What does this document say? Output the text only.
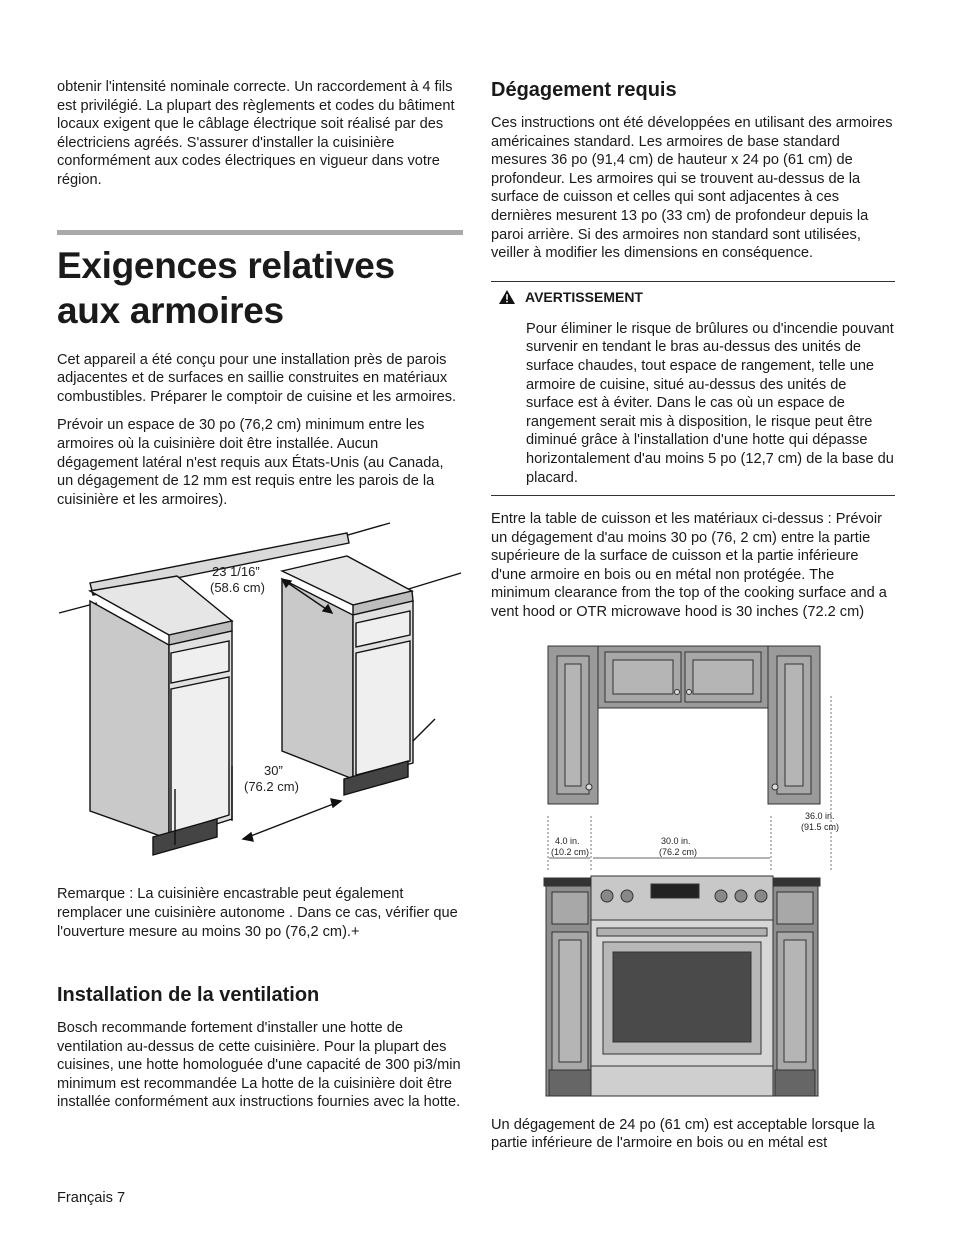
obtenir l'intensité nominale correcte. Un raccordement à 4 fils est privilégié. La plupart des règlements et codes du bâtiment locaux exigent que le câblage électrique soit réalisé par des électriciens agréés. S'assurer d'installer la cuisinière conformément aux codes électriques en vigueur dans votre région.

Exigences relatives
aux armoires

Cet appareil a été conçu pour une installation près de parois adjacentes et de surfaces en saillie construites en matériaux combustibles. Préparer le comptoir de cuisine et les armoires.

Prévoir un espace de 30 po (76,2 cm) minimum entre les armoires où la cuisinière doit être installée. Aucun dégagement latéral n'est requis aux États-Unis (au Canada, un dégagement de 12 mm est requis entre les parois de la cuisinière et les armoires).

23 1/16”
(58.6 cm)
30”
(76.2 cm)

Remarque : La cuisinière encastrable peut également remplacer une cuisinière autonome . Dans ce cas, vérifier que l'ouverture mesure au moins 30 po (76,2 cm).+

Installation de la ventilation

Bosch recommande fortement d'installer une hotte de ventilation au-dessus de cette cuisinière. Pour la plupart des cuisines, une hotte homologuée d'une capacité de 300 pi3/min minimum est recommandée La hotte de la cuisinière doit être installée conformément aux instructions fournies avec la hotte.

Dégagement requis

Ces instructions ont été développées en utilisant des armoires américaines standard. Les armoires de base standard mesures 36 po (91,4 cm) de hauteur x 24 po (61 cm) de profondeur. Les armoires qui se trouvent au-dessus de la surface de cuisson et celles qui sont adjacentes à ces dernières mesurent 13 po (33 cm) de profondeur depuis la paroi arrière. Si des armoires non standard sont utilisées, veiller à modifier les dimensions en conséquence.

AVERTISSEMENT

Pour éliminer le risque de brûlures ou d'incendie pouvant survenir en tendant le bras au-dessus des unités de surface chaudes, tout espace de rangement, telle une armoire de cuisine, situé au-dessus des unités de surface est à éviter. Dans le cas où un espace de rangement serait mis à disposition, le risque peut être diminué grâce à l'installation d'une hotte qui dépasse horizontalement d'au moins 5 po (12,7 cm) de la base du placard.

Entre la table de cuisson et les matériaux ci-dessus : Prévoir un dégagement d'au moins 30 po (76, 2 cm) entre la partie supérieure de la surface de cuisson et la partie inférieure d'une armoire en bois ou en métal non protégée. The minimum clearance from the top of the cooking surface and a vent hood or OTR microwave hood is 30 inches (72.2 cm)

4.0 in.
(10.2 cm)
30.0 in.
(76.2 cm)
36.0 in.
(91.5 cm)

Un dégagement de 24 po (61 cm) est acceptable lorsque la partie inférieure de l'armoire en bois ou en métal est

Français 7
